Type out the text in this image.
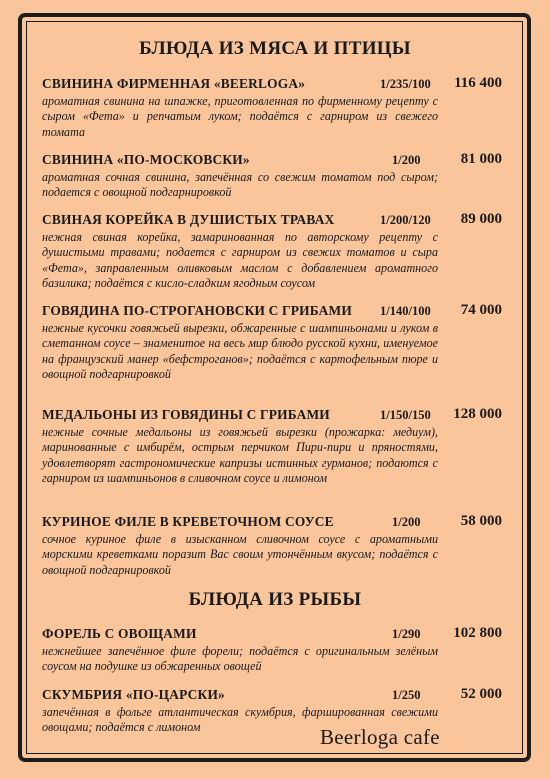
БЛЮДА ИЗ МЯСА И ПТИЦЫ
СВИНИНА ФИРМЕННАЯ «BEERLOGA»	1/235/100 116 400
ароматная свинина на шпажке, приготовленная по фирменному рецепту с сыром «Фета» и репчатым луком; подаётся с гарниром из свежего томата
СВИНИНА «ПО-МОСКОВСКИ»	1/200	81 000
ароматная сочная свинина, запечённая со свежим томатом под сыром; подается с овощной подгарнировкой
СВИНАЯ КОРЕЙКА В ДУШИСТЫХ ТРАВАХ	1/200/120 89 000
нежная свиная корейка, замаринованная по авторскому рецепту с душистыми травами; подается с гарниром из свежих томатов и сыра «Фета», заправленным оливковым маслом с добавлением ароматного базилика; подаётся с кисло-сладким ягодным соусом
ГОВЯДИНА ПО-СТРОГАНОВСКИ С ГРИБАМИ 1/140/100 74 000
нежные кусочки говяжьей вырезки, обжаренные с шампиньонами и луком в сметанном соусе – знаменитое на весь мир блюдо русской кухни, именуемое на французский манер «бефстроганов»; подаётся с картофельным пюре и овощной подгарнировкой
МЕДАЛЬОНЫ ИЗ ГОВЯДИНЫ С ГРИБАМИ	1/150/150 128 000
нежные сочные медальоны из говяжьей вырезки (прожарка: медиум), маринованные с имбирём, острым перчиком Пири-пири и пряностями, удовлетворят гастрономические капризы истинных гурманов; подаются с гарниром из шампиньонов в сливочном соусе и лимоном
КУРИНОЕ ФИЛЕ В КРЕВЕТОЧНОМ СОУСЕ	1/200	58 000
сочное куриное филе в изысканном сливочном соусе с ароматными морскими креветками поразит Вас своим утончённым вкусом; подаётся с овощной подгарнировкой
БЛЮДА ИЗ РЫБЫ
ФОРЕЛЬ С ОВОЩАМИ	1/290 102 800
нежнейшее запечённое филе форели; подаётся с оригинальным зелёным соусом на подушке из обжаренных овощей
СКУМБРИЯ «ПО-ЦАРСКИ»	1/250	52 000
запечённая в фольге атлантическая скумбрия, фаршированная свежими овощами; подаётся с лимоном	Beerloga cafe
